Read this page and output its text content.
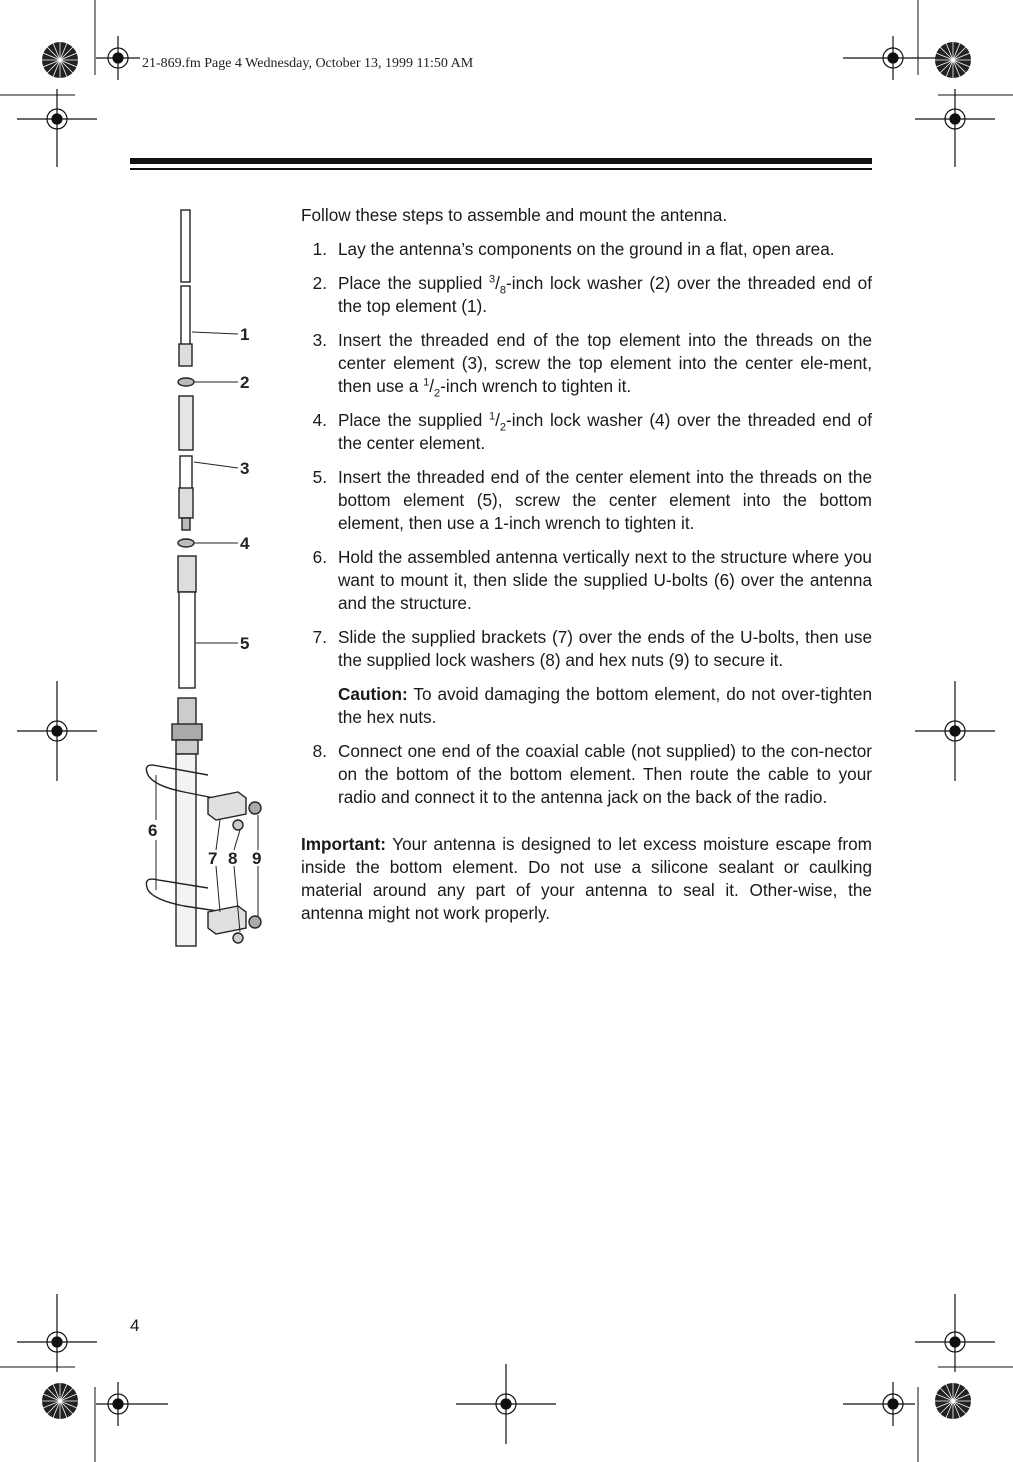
21-869.fm Page 4 Wednesday, October 13, 1999 11:50 AM
1
2
3
4
5
6
7 8 9

Follow these steps to assemble and mount the antenna.

1. Lay the antenna’s components on the ground in a flat, open area.
2. Place the supplied $^3/_8$-inch lock washer (2) over the threaded end of the top element (1).
3. Insert the threaded end of the top element into the threads on the center element (3), screw the top element into the center ele-ment, then use a $^1/_2$-inch wrench to tighten it.
4. Place the supplied $^1/_2$-inch lock washer (4) over the threaded end of the center element.
5. Insert the threaded end of the center element into the threads on the bottom element (5), screw the center element into the bottom element, then use a 1-inch wrench to tighten it.
6. Hold the assembled antenna vertically next to the structure where you want to mount it, then slide the supplied U-bolts (6) over the antenna and the structure.
7. Slide the supplied brackets (7) over the ends of the U-bolts, then use the supplied lock washers (8) and hex nuts (9) to secure it.

Caution: To avoid damaging the bottom element, do not over-tighten the hex nuts.

8. Connect one end of the coaxial cable (not supplied) to the con-nector on the bottom of the bottom element. Then route the cable to your radio and connect it to the antenna jack on the back of the radio.

Important: Your antenna is designed to let excess moisture escape from inside the bottom element. Do not use a silicone sealant or caulking material around any part of your antenna to seal it. Other-wise, the antenna might not work properly.

4
